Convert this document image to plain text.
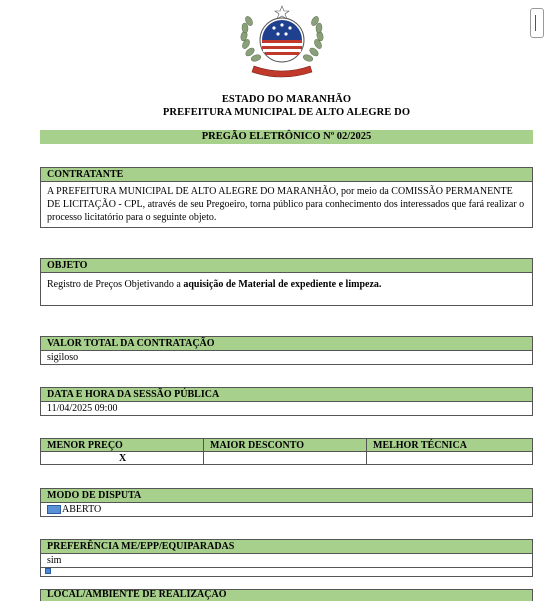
ESTADO DO MARANHÃO
PREFEITURA MUNICIPAL DE ALTO ALEGRE DO
PREGÃO ELETRÔNICO Nº 02/2025
CONTRATANTE
A PREFEITURA MUNICIPAL DE ALTO ALEGRE DO MARANHÃO, por meio da COMISSÃO PERMANENTE DE LICITAÇÃO - CPL, através de seu Pregoeiro, torna público para conhecimento dos interessados que fará realizar o processo licitatório para o seguinte objeto.
OBJETO
Registro de Preços Objetivando a aquisição de Material de expediente e limpeza.
VALOR TOTAL DA CONTRATAÇÃO
sigiloso
DATA E HORA DA SESSÃO PÚBLICA
11/04/2025 09:00
MENOR PREÇO	MAIOR DESCONTO	MELHOR TÉCNICA
X		
MODO DE DISPUTA
ABERTO
PREFERÊNCIA ME/EPP/EQUIPARADAS
sim
LOCAL/AMBIENTE DE REALIZAÇÃO
